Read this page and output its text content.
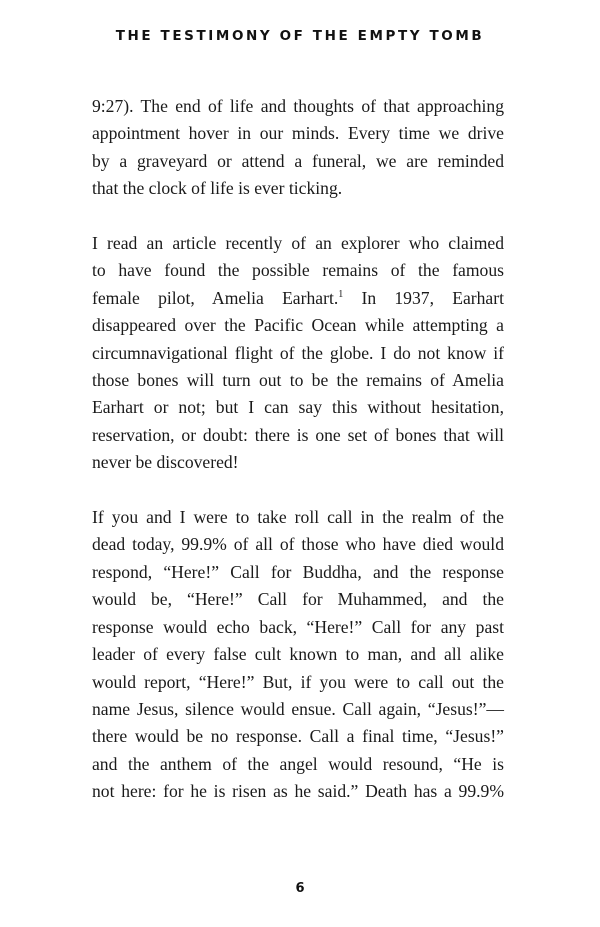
THE TESTIMONY OF THE EMPTY TOMB
9:27). The end of life and thoughts of that approaching
appointment hover in our minds. Every time we drive
by a graveyard or attend a funeral, we are reminded
that the clock of life is ever ticking.
I read an article recently of an explorer who claimed
to have found the possible remains of the famous
female pilot, Amelia Earhart.$^1$ In 1937, Earhart
disappeared over the Pacific Ocean while attempting a
circumnavigational flight of the globe. I do not know if
those bones will turn out to be the remains of Amelia
Earhart or not; but I can say this without hesitation,
reservation, or doubt: there is one set of bones that will
never be discovered!
If you and I were to take roll call in the realm of the
dead today, 99.9% of all of those who have died would
respond, “Here!” Call for Buddha, and the response
would be, “Here!” Call for Muhammed, and the
response would echo back, “Here!” Call for any past
leader of every false cult known to man, and all alike
would report, “Here!” But, if you were to call out the
name Jesus, silence would ensue. Call again, “Jesus!”—
there would be no response. Call a final time, “Jesus!”
and the anthem of the angel would resound, “He is
not here: for he is risen as he said.” Death has a 99.9%
6
